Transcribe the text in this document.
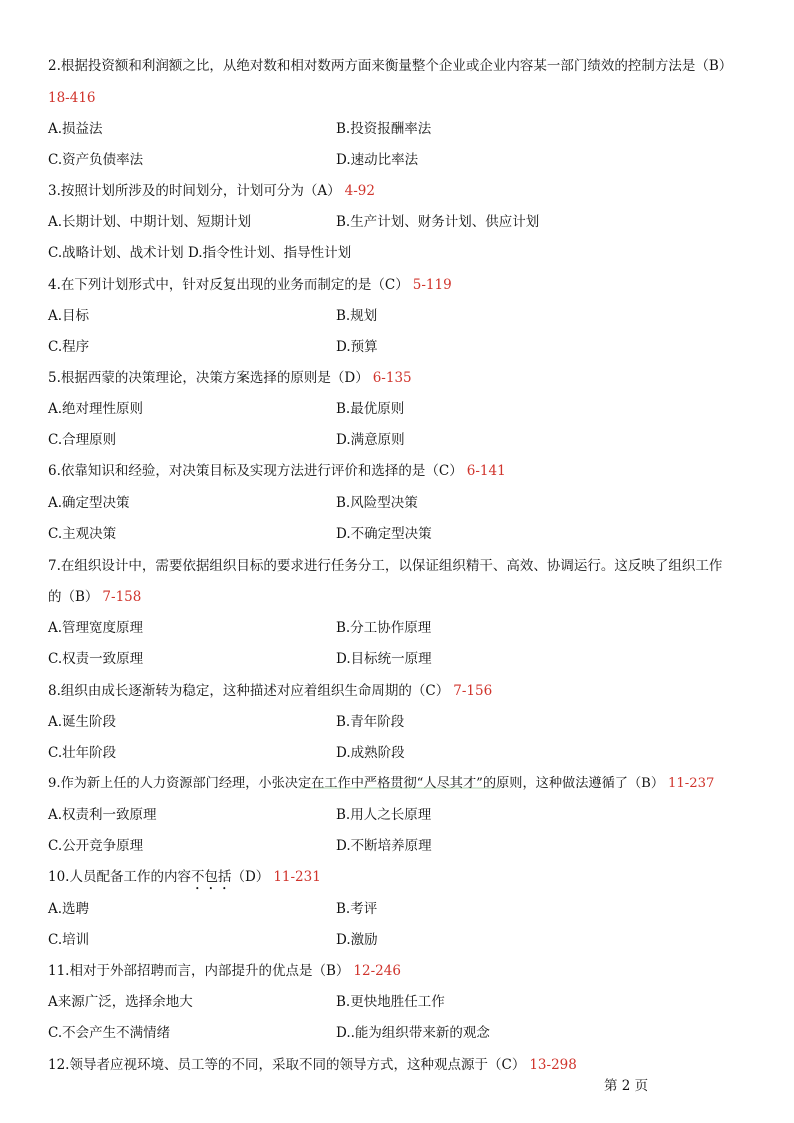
2.根据投资额和利润额之比，从绝对数和相对数两方面来衡量整个企业或企业内容某一部门绩效的控制方法是（B）
18-416
A.损益法	B.投资报酬率法
C.资产负债率法	D.速动比率法
3.按照计划所涉及的时间划分，计划可分为（A） 4-92
A.长期计划、中期计划、短期计划	B.生产计划、财务计划、供应计划
C.战略计划、战术计划 D.指令性计划、指导性计划
4.在下列计划形式中，针对反复出现的业务而制定的是（C） 5-119
A.目标	B.规划
C.程序	D.预算
5.根据西蒙的决策理论，决策方案选择的原则是（D） 6-135
A.绝对理性原则	B.最优原则
C.合理原则	D.满意原则
6.依靠知识和经验，对决策目标及实现方法进行评价和选择的是（C） 6-141
A.确定型决策	B.风险型决策
C.主观决策	D.不确定型决策
7.在组织设计中，需要依据组织目标的要求进行任务分工，以保证组织精干、高效、协调运行。这反映了组织工作
的（B） 7-158
A.管理宽度原理	B.分工协作原理
C.权责一致原理	D.目标统一原理
8.组织由成长逐渐转为稳定，这种描述对应着组织生命周期的（C） 7-156
A.诞生阶段	B.青年阶段
C.壮年阶段	D.成熟阶段
9.作为新上任的人力资源部门经理，小张决定在工作中严格贯彻“人尽其才”的原则，这种做法遵循了（B） 11-237
A.权责利一致原理	B.用人之长原理
C.公开竞争原理	D.不断培养原理
10.人员配备工作的内容不包括（D） 11-231
A.选聘	B.考评
C.培训	D.激励
11.相对于外部招聘而言，内部提升的优点是（B） 12-246
A来源广泛，选择余地大	B.更快地胜任工作
C.不会产生不满情绪	D..能为组织带来新的观念
12.领导者应视环境、员工等的不同，采取不同的领导方式，这种观点源于（C） 13-298
第 2 页
